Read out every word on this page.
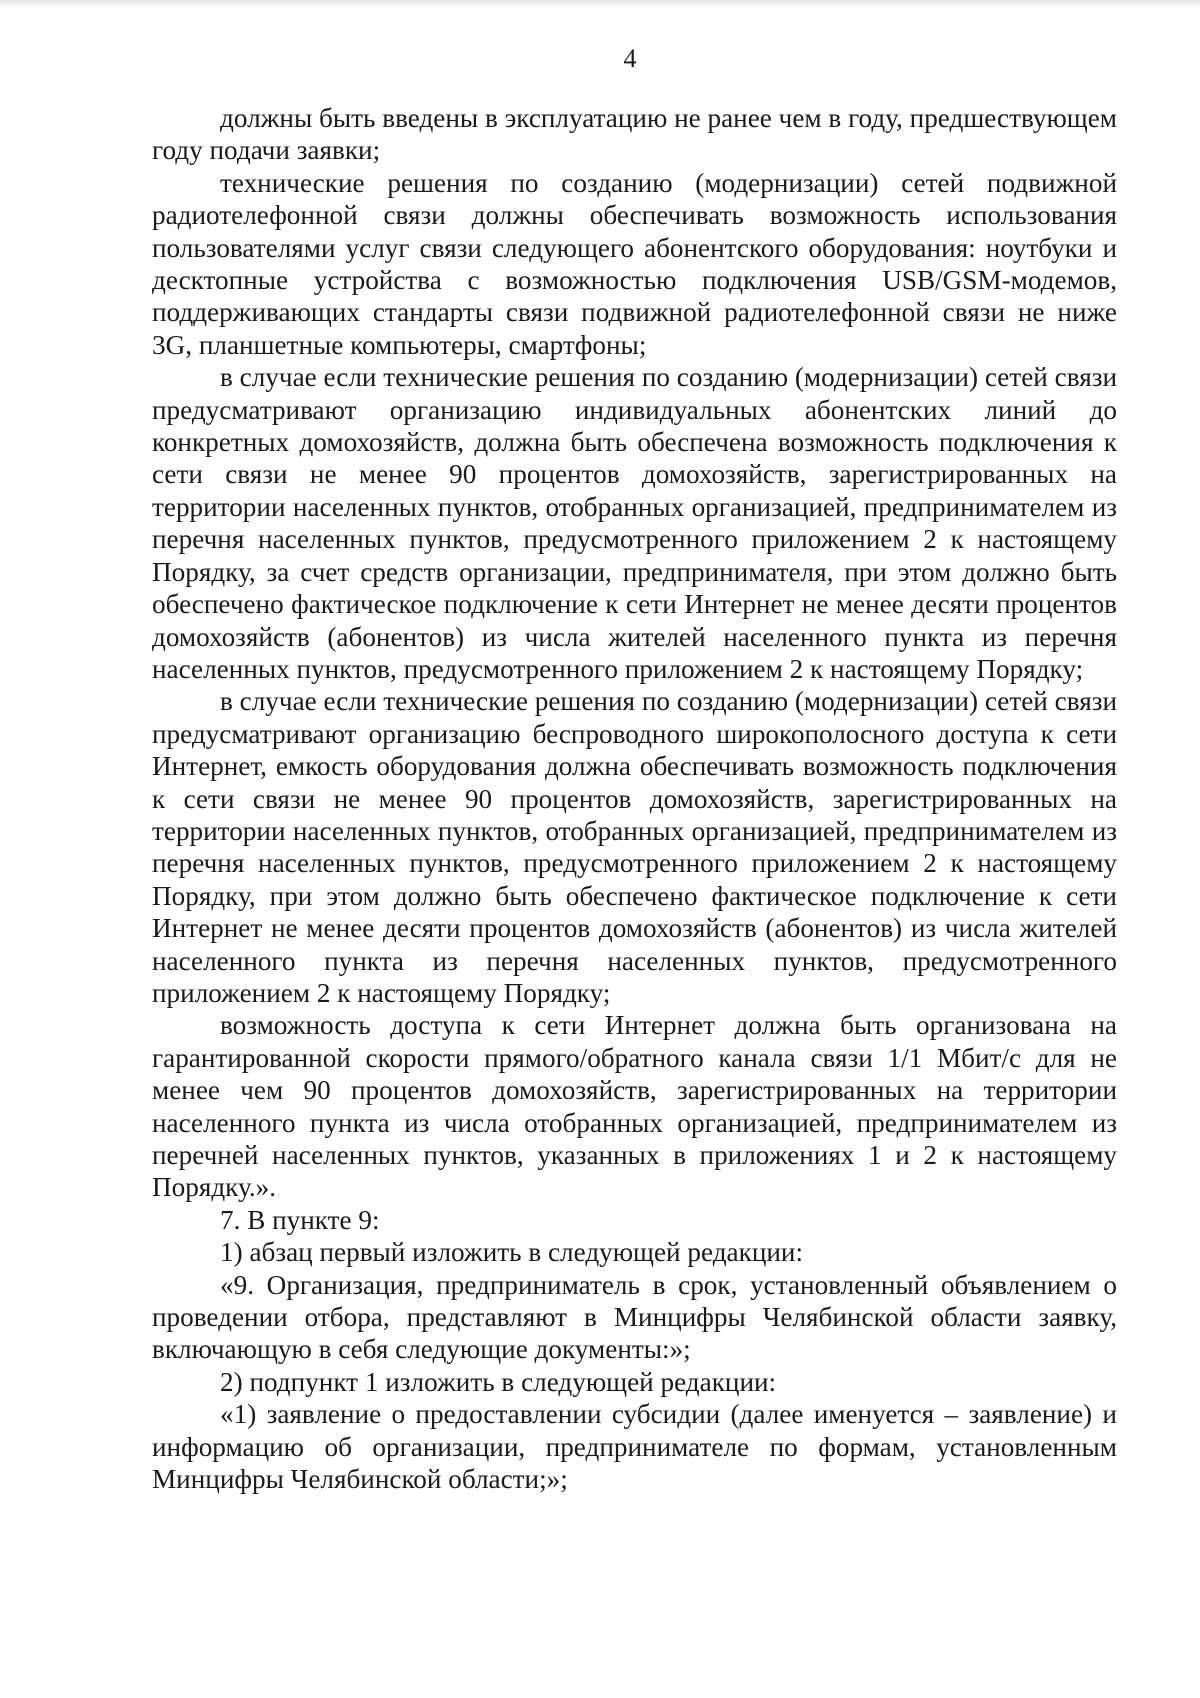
4

должны быть введены в эксплуатацию не ранее чем в году, предшествующем году подачи заявки;

технические решения по созданию (модернизации) сетей подвижной радиотелефонной связи должны обеспечивать возможность использования пользователями услуг связи следующего абонентского оборудования: ноутбуки и десктопные устройства с возможностью подключения USB/GSM-модемов, поддерживающих стандарты связи подвижной радиотелефонной связи не ниже 3G, планшетные компьютеры, смартфоны;

в случае если технические решения по созданию (модернизации) сетей связи предусматривают организацию индивидуальных абонентских линий до конкретных домохозяйств, должна быть обеспечена возможность подключения к сети связи не менее 90 процентов домохозяйств, зарегистрированных на территории населенных пунктов, отобранных организацией, предпринимателем из перечня населенных пунктов, предусмотренного приложением 2 к настоящему Порядку, за счет средств организации, предпринимателя, при этом должно быть обеспечено фактическое подключение к сети Интернет не менее десяти процентов домохозяйств (абонентов) из числа жителей населенного пункта из перечня населенных пунктов, предусмотренного приложением 2 к настоящему Порядку;

в случае если технические решения по созданию (модернизации) сетей связи предусматривают организацию беспроводного широкополосного доступа к сети Интернет, емкость оборудования должна обеспечивать возможность подключения к сети связи не менее 90 процентов домохозяйств, зарегистрированных на территории населенных пунктов, отобранных организацией, предпринимателем из перечня населенных пунктов, предусмотренного приложением 2 к настоящему Порядку, при этом должно быть обеспечено фактическое подключение к сети Интернет не менее десяти процентов домохозяйств (абонентов) из числа жителей населенного пункта из перечня населенных пунктов, предусмотренного приложением 2 к настоящему Порядку;

возможность доступа к сети Интернет должна быть организована на гарантированной скорости прямого/обратного канала связи 1/1 Мбит/с для не менее чем 90 процентов домохозяйств, зарегистрированных на территории населенного пункта из числа отобранных организацией, предпринимателем из перечней населенных пунктов, указанных в приложениях 1 и 2 к настоящему Порядку.».

7. В пункте 9:

1) абзац первый изложить в следующей редакции:

«9. Организация, предприниматель в срок, установленный объявлением о проведении отбора, представляют в Минцифры Челябинской области заявку, включающую в себя следующие документы:»;

2) подпункт 1 изложить в следующей редакции:

«1) заявление о предоставлении субсидии (далее именуется – заявление) и информацию об организации, предпринимателе по формам, установленным Минцифры Челябинской области;»;
